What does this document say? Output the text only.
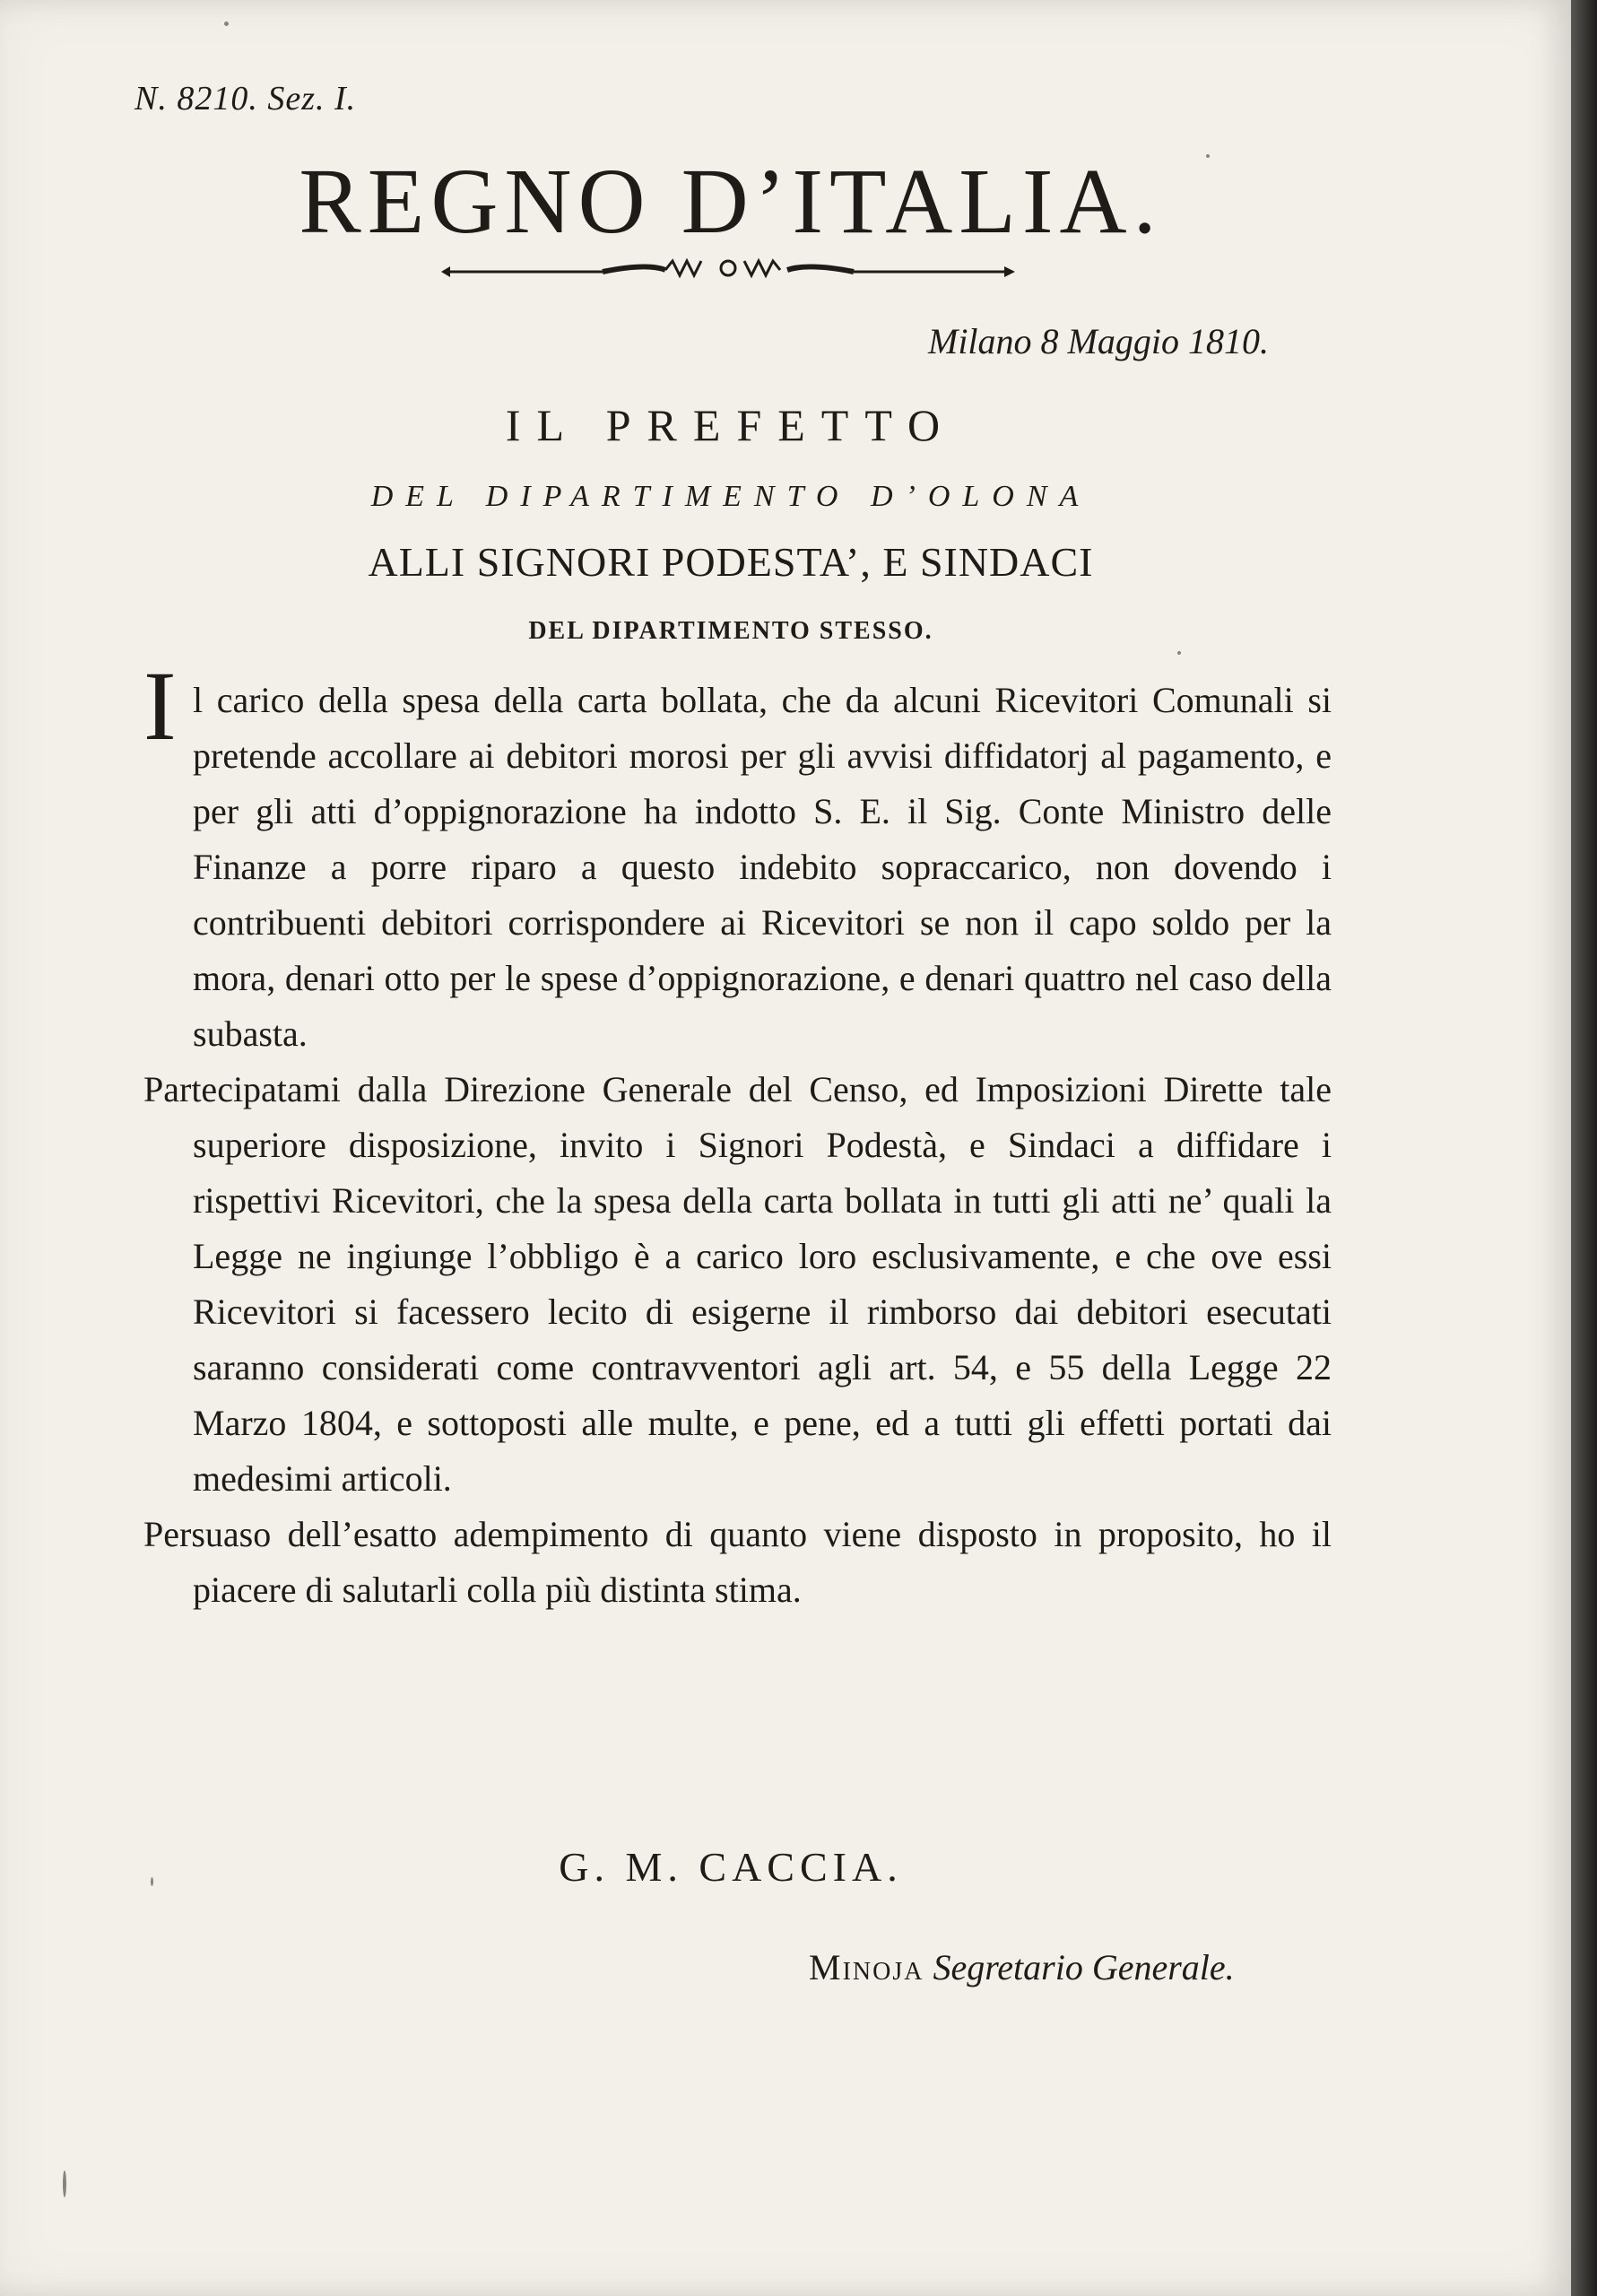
N. 8210. Sez. I.
REGNO D’ITALIA.
Milano 8 Maggio 1810.
IL PREFETTO
DEL DIPARTIMENTO D’OLONA
ALLI SIGNORI PODESTA’, E SINDACI
DEL DIPARTIMENTO STESSO.
I l carico della spesa della carta bollata, che da alcuni Ricevitori Comunali si pretende accollare ai debitori morosi per gli avvisi diffidatorj al pagamento, e per gli atti d’oppignorazione ha indotto S. E. il Sig. Conte Ministro delle Finanze a porre riparo a questo indebito sopraccarico, non dovendo i contribuenti debitori corrispondere ai Ricevitori se non il capo soldo per la mora, denari otto per le spese d’oppignorazione, e denari quattro nel caso della subasta.

Partecipatami dalla Direzione Generale del Censo, ed Imposizioni Dirette tale superiore disposizione, invito i Signori Podestà, e Sindaci a diffidare i rispettivi Ricevitori, che la spesa della carta bollata in tutti gli atti ne’ quali la Legge ne ingiunge l’obbligo è a carico loro esclusivamente, e che ove essi Ricevitori si facessero lecito di esigerne il rimborso dai debitori esecutati saranno considerati come contravventori agli art. 54, e 55 della Legge 22 Marzo 1804, e sottoposti alle multe, e pene, ed a tutti gli effetti portati dai medesimi articoli.

Persuaso dell’esatto adempimento di quanto viene disposto in proposito, ho il piacere di salutarli colla più distinta stima.

G. M. CACCIA.
Minoja Segretario Generale.
